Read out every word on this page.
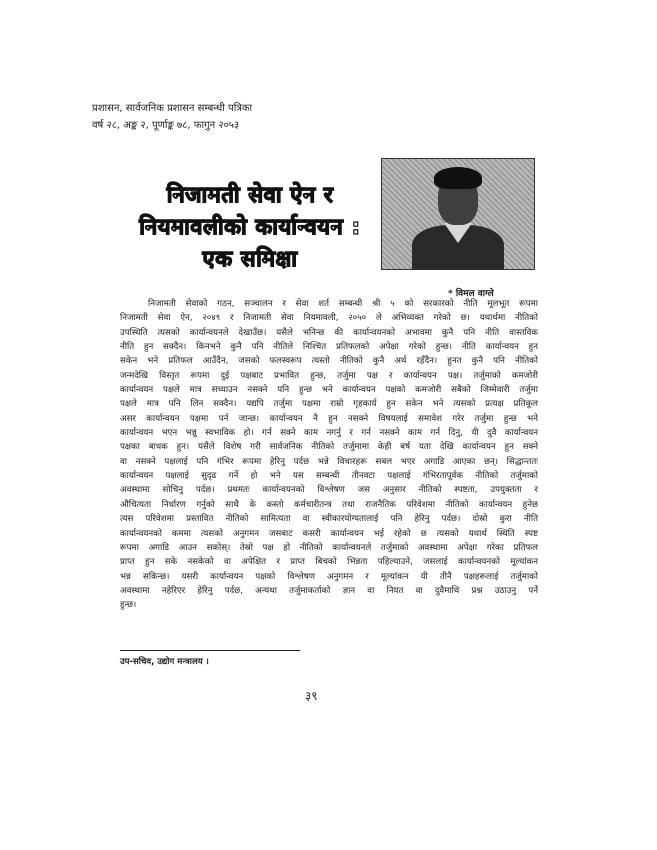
प्रशासन, सार्वजनिक प्रशासन सम्बन्धी पत्रिका
वर्ष २८, अङ्क २, पूर्णाङ्क ७८, फागुन २०५३
निजामती सेवा ऐन र
नियमावलीको कार्यान्वयन :
एक समिक्षा
* विमल वाग्ले
निजामती सेवाको गठन, सञ्चालन र सेवा शर्त सम्बन्धी श्री ५ को सरकारको नीति मूलभूत रूपमा
निजामती सेवा ऐन, २०४९ र निजामती सेवा नियमावली, २०५० ले अभिव्यक्त गरेको छ। यथार्थमा नीतिको
उपस्थिति त्यसको कार्यान्वयनले देखाउँछ। यसैले भनिन्छ की कार्यान्वयनको अभावमा कुनै पनि नीति वास्तविक
नीति हुन सक्दैन। किनभने कुनै पनि नीतिले निश्चित प्रतिफलको अपेक्षा गरेको हुन्छ। नीति कार्यान्वयन हुन
सकेन भने प्रतिफल आउँदैन, जसको फलस्वरूप त्यस्तो नीतिको कुनै अर्थ रहँदैन। हुनत कुनै पनि नीतिको
जन्मदेखि विस्तृत रूपमा दुई पक्षबाट प्रभावित हुन्छ, तर्जुमा पक्ष र कार्यान्वयन पक्ष। तर्जुमाको कमजोरी
कार्यान्वयन पक्षले मात्र सच्याउन नसक्ने पनि हुन्छ भने कार्यान्वयन पक्षको कमजोरी सबैको जिम्मेवारी तर्जुमा
पक्षले मात्र पनि लिन सक्दैन। यद्यपि तर्जुमा पक्षमा राम्रो गृहकार्य हुन सकेन भने त्यसको प्रत्यक्ष प्रतिकूल
असर कार्यान्वयन पक्षमा पर्न जान्छ। कार्यान्वयन नै हुन नसक्ने विषयलाई समावेश गरेर तर्जुमा हुन्छ भने
कार्यान्वयन भएन भन्नु स्वभाविक हो। गर्न सक्ने काम नगर्नु र गर्न नसक्ने काम गर्न दिनु, यी दुवै कार्यान्वयन
पक्षका बाधक हुन। यसैले विशेष गरी सार्वजनिक नीतिको तर्जुमामा केही बर्ष यता देखि कार्यान्वयन हुन सक्ने
वा नसक्ने पक्षलाई पनि गंभिर रूपमा हेरिनु पर्दछ भन्ने विचारहरू सबल भएर अगाडि आएका छन्। सिद्धान्ततः
कार्यान्वयन पक्षलाई सुदृढ गर्ने हो भने यस सम्बन्धी तीनवटा पक्षलाई गंभिरतापूर्वक नीतिको तर्जुमाको
अवस्थामा सोचिनु पर्दछ। प्रथमतः कार्यान्वयनको विश्लेषण जस अनुसार नीतिको स्पष्टता, उपयुक्तता र
औचित्यता निर्धारण गर्नुको साथै के कस्तो कर्मचारीतन्त्र तथा राजनैतिक परिवेशमा नीतिको कार्यान्वयन हुनेछ
त्यस परिवेशमा प्रस्तावित नीतिको सामित्यता वा स्वीकारयोग्यतालाई पनि हेरिनु पर्दछ। दोस्रो कुरा नीति
कार्यान्वयनको कममा त्यसको अनुगमन जसबाट कसरी कार्यान्वयन भई रहेको छ त्यसको यथार्थ स्थिति स्पष्ट
रूपमा अगाडि आउन सकोस्। तेस्रो पक्ष हो नीतिको कार्यान्वयनले तर्जुमाको अवस्थामा अपेक्षा गरेका प्रतिफल
प्राप्त हुन सके नसकेको वा अपेक्षित र प्राप्त बिचको भिन्नता पहिल्याउने, जसलाई कार्यान्वयनको मूल्यांकन
भन्न सकिन्छ। यसरी कार्यान्वयन पक्षको विश्लेषण अनुगमन र मूल्यांकन यी तीनै पक्षहरूलाई तर्जुमाको
अवस्थामा नहेरिएर हेरिनु पर्दछ, अन्यथा तर्जुमाकर्ताको ज्ञान वा नियत वा दुवैमाथि प्रश्न उठाउनु पर्ने
हुन्छ।
उप-सचिव, उद्योग मन्त्रालय ।
३९
